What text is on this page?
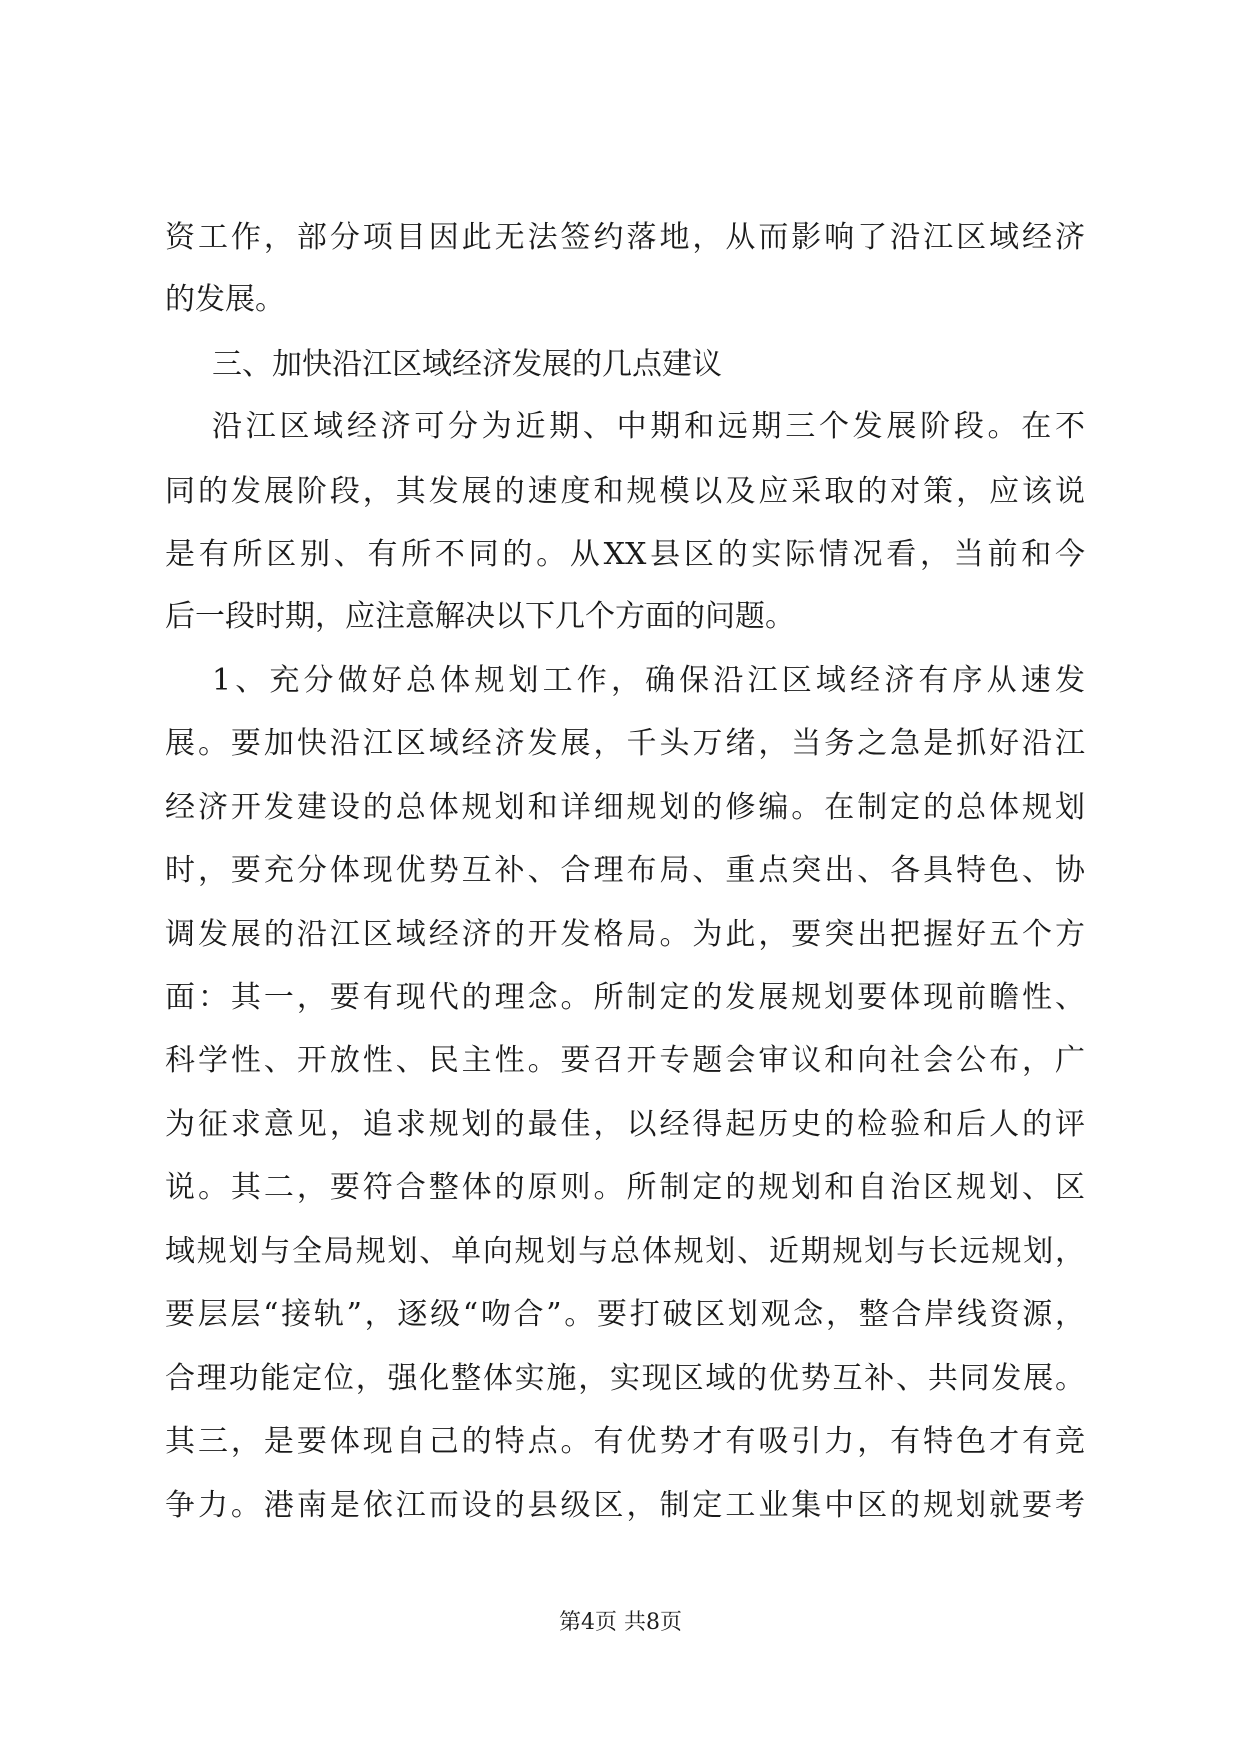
资工作，部分项目因此无法签约落地，从而影响了沿江区域经济
的发展。
三、加快沿江区域经济发展的几点建议
沿江区域经济可分为近期、中期和远期三个发展阶段。在不
同的发展阶段，其发展的速度和规模以及应采取的对策，应该说
是有所区别、有所不同的。从XX县区的实际情况看，当前和今
后一段时期，应注意解决以下几个方面的问题。
1、充分做好总体规划工作，确保沿江区域经济有序从速发
展。要加快沿江区域经济发展，千头万绪，当务之急是抓好沿江
经济开发建设的总体规划和详细规划的修编。在制定的总体规划
时，要充分体现优势互补、合理布局、重点突出、各具特色、协
调发展的沿江区域经济的开发格局。为此，要突出把握好五个方
面：其一，要有现代的理念。所制定的发展规划要体现前瞻性、
科学性、开放性、民主性。要召开专题会审议和向社会公布，广
为征求意见，追求规划的最佳，以经得起历史的检验和后人的评
说。其二，要符合整体的原则。所制定的规划和自治区规划、区
域规划与全局规划、单向规划与总体规划、近期规划与长远规划，
要层层“接轨”，逐级“吻合”。要打破区划观念，整合岸线资源，
合理功能定位，强化整体实施，实现区域的优势互补、共同发展。
其三，是要体现自己的特点。有优势才有吸引力，有特色才有竞
争力。港南是依江而设的县级区，制定工业集中区的规划就要考
第4页 共8页
